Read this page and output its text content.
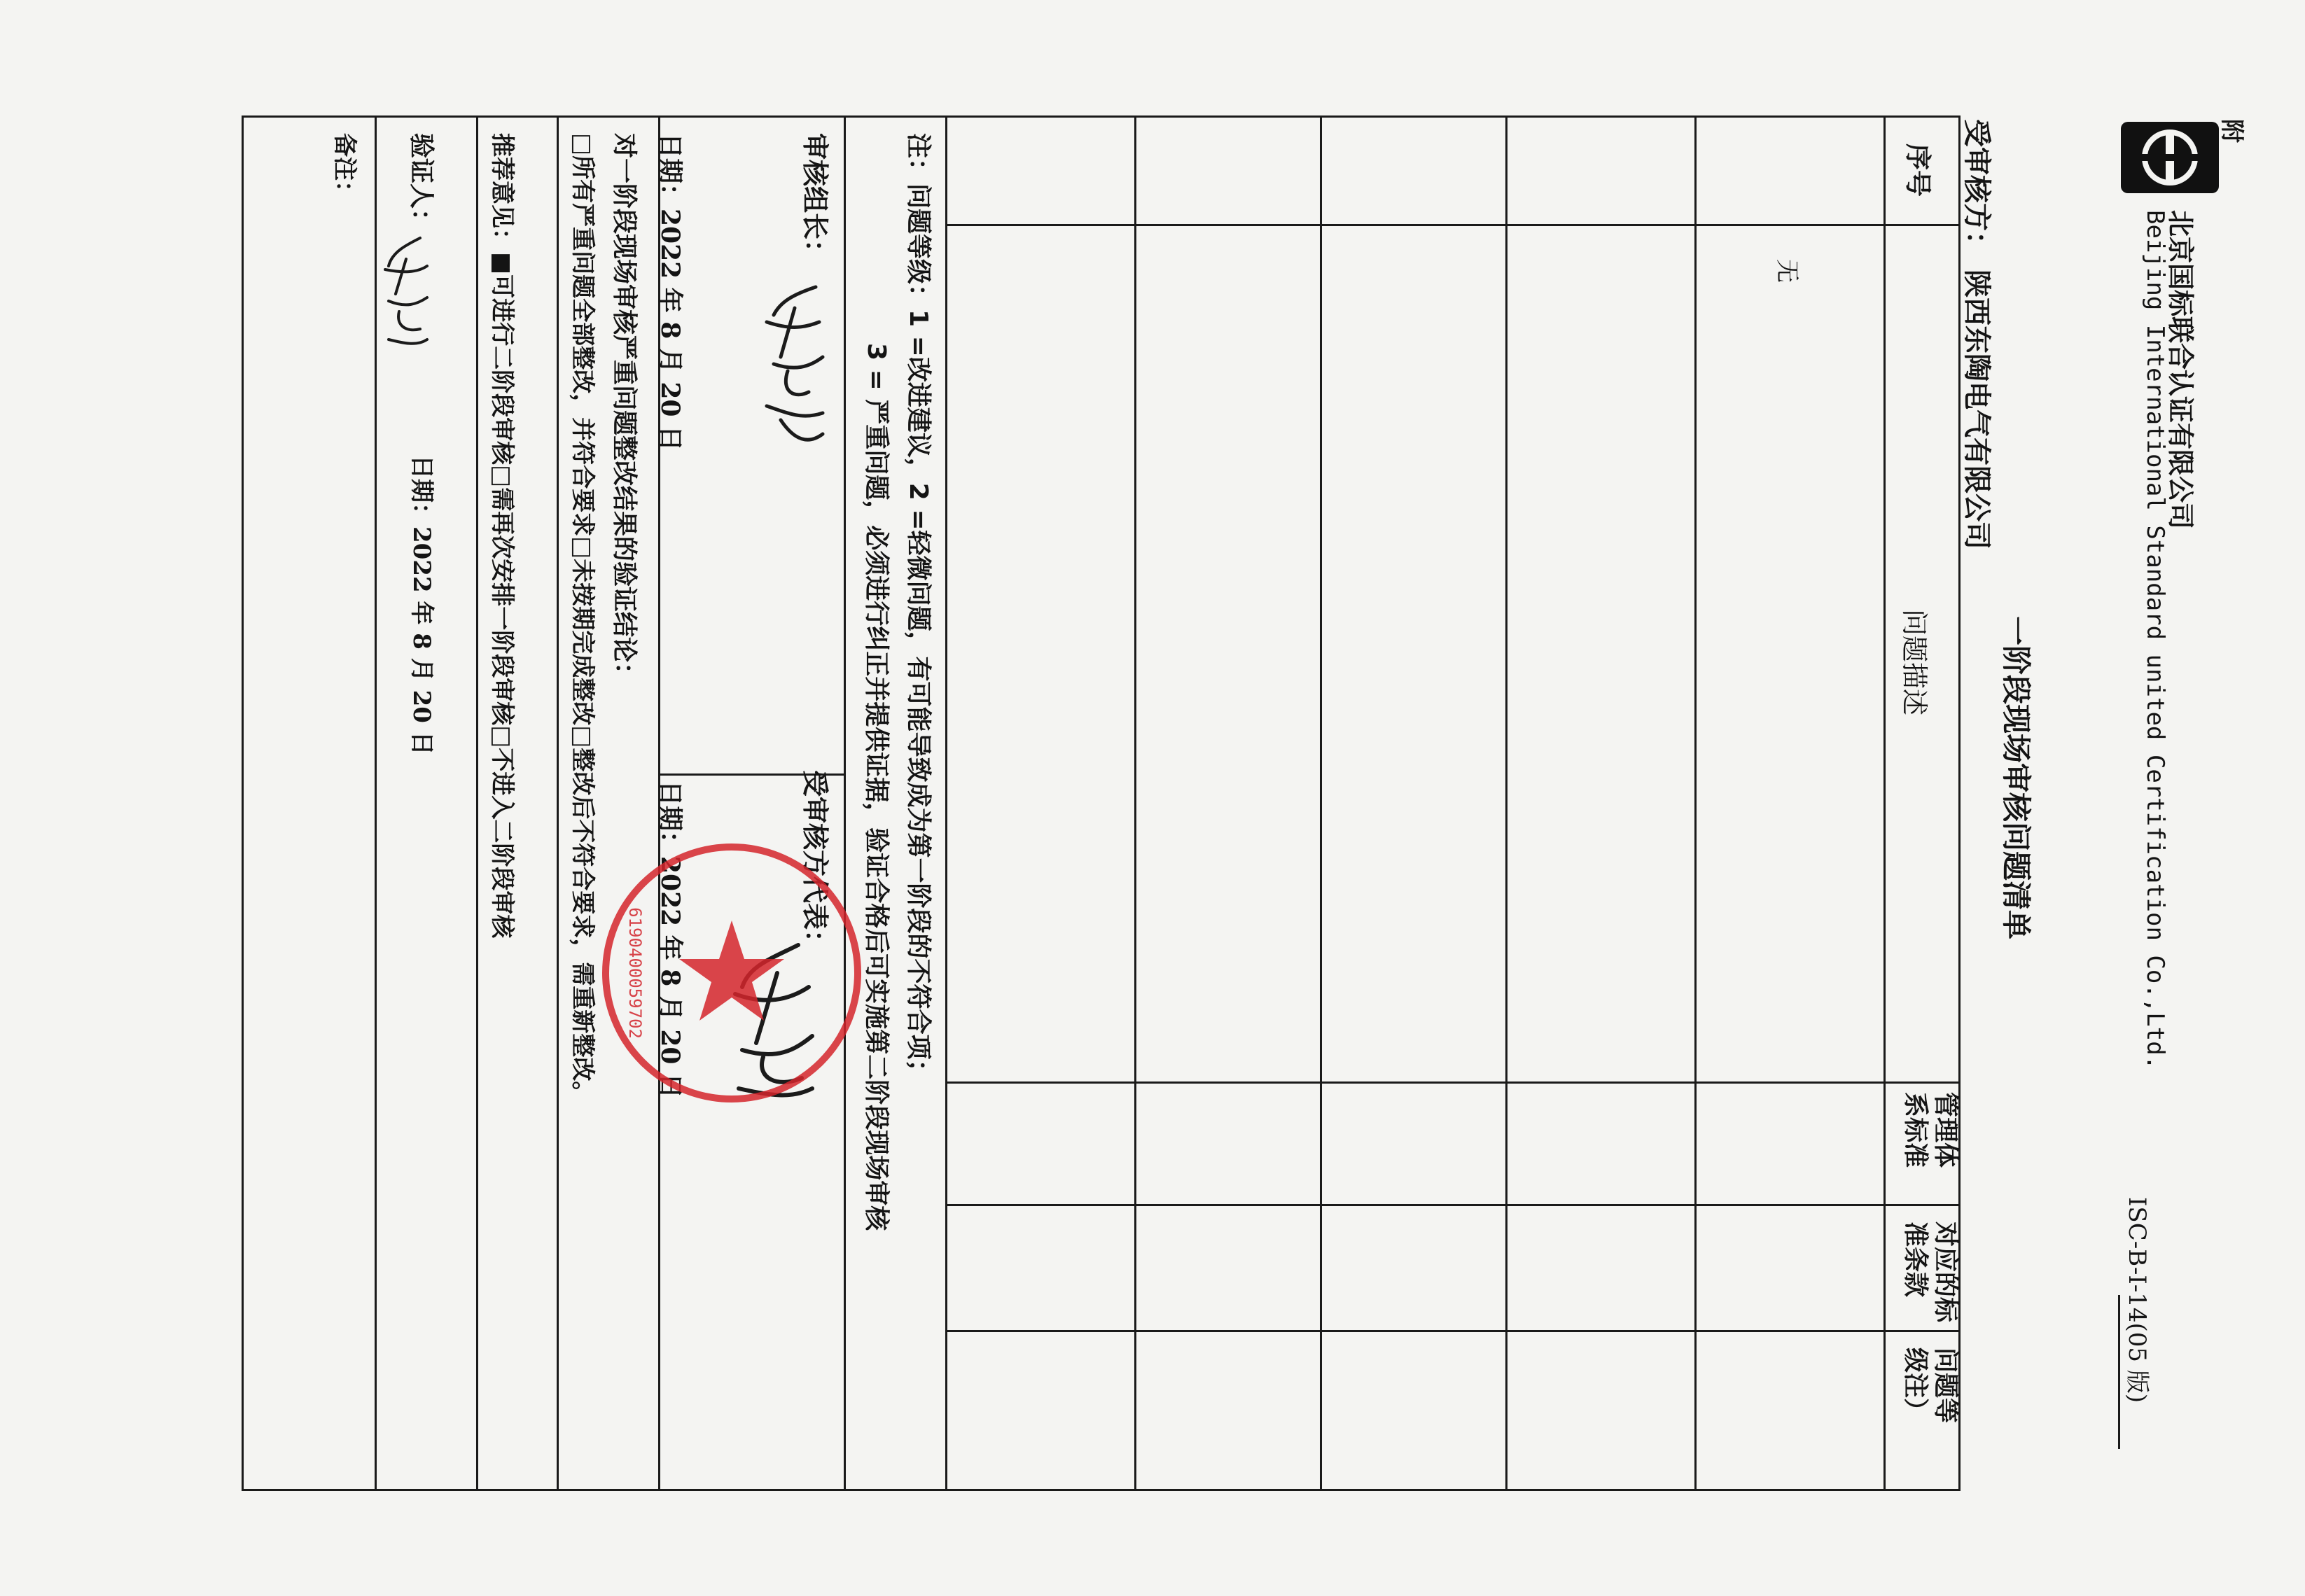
北京国标联合认证有限公司
Beijing International Standard united Certification Co.,Ltd.
附
ISC-B-I-14(05 版)
一阶段现场审核问题清单
受审核方：
陕西东陶电气有限公司
序号
问题描述
管理体
系标准
对应的标
准条款
问题等
级注）
无
注：问题等级：1 =改进建议，2 =轻微问题，有可能导致成为第一阶段的不符合项；
3 = 严重问题，必须进行纠正并提供证据，验证合格后可实施第二阶段现场审核
审核组长：
受审核方代表：
日期：2022 年 8 月 20 日
日期：2022 年 8 月 20 日
对一阶段现场审核严重问题整改结果的验证结论：
□所有严重问题全部整改，并符合要求□未按期完成整改□整改后不符合要求，需重新整改。
推荐意见：■可进行二阶段审核□需再次安排一阶段审核□不进入二阶段审核
验证人：
日期：2022 年 8 月 20 日
备注：
6190400059702
